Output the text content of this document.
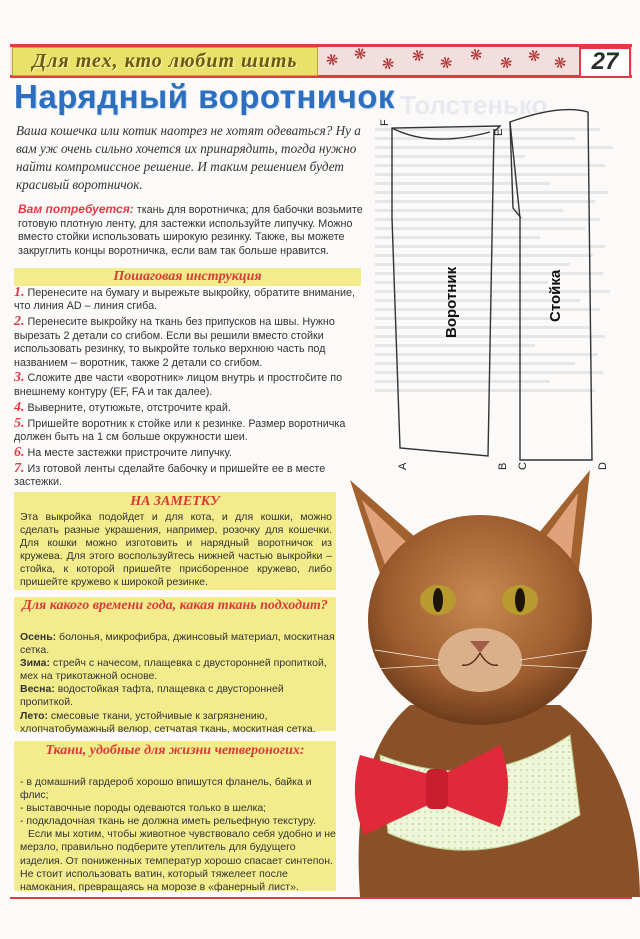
Для тех, кто любит шить	❋ ❋
❋ ❋ ❋ ❋ ❋ ❋ ❋ 27
Толстенько
Нарядный воротничок
Ваша кошечка или котик наотрез не хотят одеваться? Ну а вам уж очень сильно хочется их принарядить, тогда нужно найти компромиссное решение. И таким решением будет красивый воротничок.
Вам потребуется: ткань для воротничка; для бабочки возьмите готовую плотную ленту, для застежки используйте липучку. Можно вместо стойки использовать широкую резинку. Также, вы можете закруглить концы воротничка, если вам так больше нравится.
Пошаговая инструкция
1. Перенесите на бумагу и вырежьте выкройку, обратите внимание, что линия AD – линия сгиба.
2. Перенесите выкройку на ткань без припусков на швы. Нужно вырезать 2 детали со сгибом. Если вы решили вместо стойки использовать резинку, то выкройте только верхнюю часть под названием – воротник, также 2 детали со сгибом.
3. Сложите две части «воротник» лицом внутрь и простročите по внешнему контуру (EF, FA и так далее).
4. Выверните, отутюжьте, отстрочите край.
5. Пришейте воротник к стойке или к резинке. Размер воротничка должен быть на 1 см больше окружности шеи.
6. На месте застежки пристрочите липучку.
7. Из готовой ленты сделайте бабочку и пришейте ее в месте застежки.
НА ЗАМЕТКУ
Эта выкройка подойдет и для кота, и для кошки, можно сделать разные украшения, например, розочку для кошечки. Для кошки можно изготовить и нарядный воротничок из кружева. Для этого воспользуйтесь нижней частью выкройки – стойка, к которой пришейте присборенное кружево, либо пришейте кружево к широкой резинке.
Для какого времени года, какая ткань подходит?
Осень: болонья, микрофибра, джинсовый материал, москитная сетка.
Зима: стрейч с начесом, плащевка с двусторонней пропиткой, мех на трикотажной основе.
Весна: водостойкая тафта, плащевка с двусторонней пропиткой.
Лето: смесовые ткани, устойчивые к загрязнению, хлопчатобумажный велюр, сетчатая ткань, москитная сетка.
Ткани, удобные для жизни четвероногих:
- в домашний гардероб хорошо впишутся фланель, байка и флис;
- выставочные породы одеваются только в шелка;
- подкладочная ткань не должна иметь рельефную текстуру.
Если мы хотим, чтобы животное чувствовало себя удобно и не мерзло, правильно подберите утеплитель для будущего изделия. От пониженных температур хорошо спасает синтепон. Не стоит использовать ватин, который тяжелеет после намокания, превращаясь на морозе в «фанерный лист».
F
E
A	B C	D
Воротник	Стойка
